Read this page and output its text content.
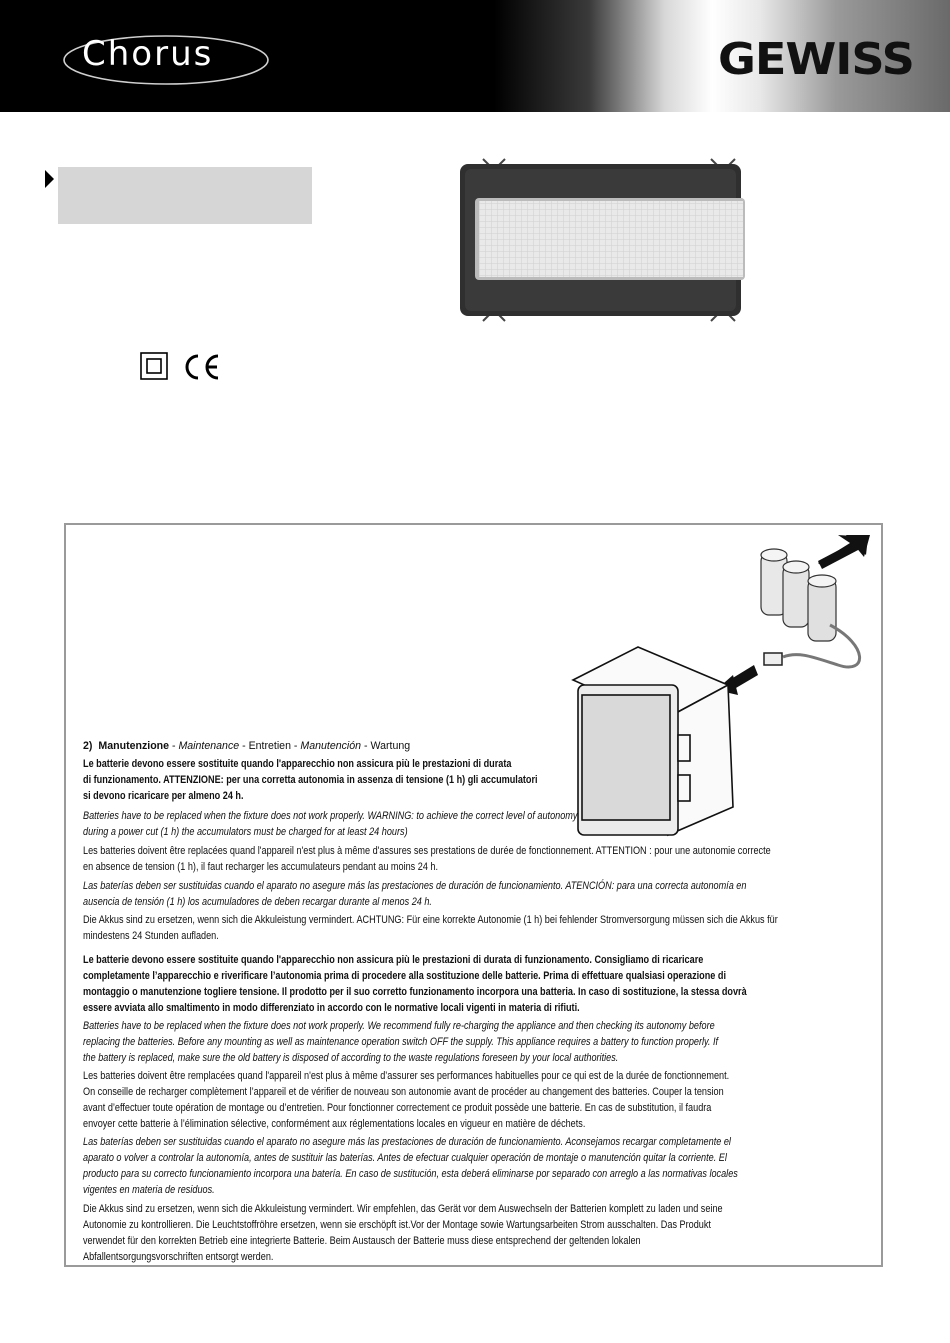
Chorus	GEWISS
2) Manutenzione - Maintenance - Entretien - Manutención - Wartung
Le batterie devono essere sostituite quando l'apparecchio non assicura più le prestazioni di durata
di funzionamento. ATTENZIONE: per una corretta autonomia in assenza di tensione (1 h) gli accumulatori
si devono ricaricare per almeno 24 h.
Batteries have to be replaced when the fixture does not work properly. WARNING: to achieve the correct level of autonomy
during a power cut (1 h) the accumulators must be charged for at least 24 hours)
Les batteries doivent être replacées quand l'appareil n'est plus à même d'assures ses prestations de durée de fonctionnement. ATTENTION : pour une autonomie correcte
en absence de tension (1 h), il faut recharger les accumulateurs pendant au moins 24 h.
Las baterías deben ser sustituidas cuando el aparato no asegure más las prestaciones de duración de funcionamiento. ATENCIÓN: para una correcta autonomía en
ausencia de tensión (1 h) los acumuladores de deben recargar durante al menos 24 h.
Die Akkus sind zu ersetzen, wenn sich die Akkuleistung vermindert. ACHTUNG: Für eine korrekte Autonomie (1 h) bei fehlender Stromversorgung müssen sich die Akkus für
mindestens 24 Stunden aufladen.
Le batterie devono essere sostituite quando l'apparecchio non assicura più le prestazioni di durata di funzionamento. Consigliamo di ricaricare
completamente l’apparecchio e riverificare l’autonomia prima di procedere alla sostituzione delle batterie. Prima di effettuare qualsiasi operazione di
montaggio o manutenzione togliere tensione. Il prodotto per il suo corretto funzionamento incorpora una batteria. In caso di sostituzione, la stessa dovrà
essere avviata allo smaltimento in modo differenziato in accordo con le normative locali vigenti in materia di rifiuti.
Batteries have to be replaced when the fixture does not work properly. We recommend fully re-charging the appliance and then checking its autonomy before
replacing the batteries. Before any mounting as well as maintenance operation switch OFF the supply. This appliance requires a battery to function properly. If
the battery is replaced, make sure the old battery is disposed of according to the waste regulations foreseen by your local authorities.
Les batteries doivent être remplacées quand l'appareil n'est plus à même d’assurer ses performances habituelles pour ce qui est de la durée de fonctionnement.
On conseille de recharger complètement l’appareil et de vérifier de nouveau son autonomie avant de procéder au changement des batteries. Couper la tension
avant d’effectuer toute opération de montage ou d’entretien. Pour fonctionner correctement ce produit possède une batterie. En cas de substitution, il faudra
envoyer cette batterie à l’élimination sélective, conformément aux réglementations locales en vigueur en matière de déchets.
Las baterías deben ser sustituidas cuando el aparato no asegure más las prestaciones de duración de funcionamiento. Aconsejamos recargar completamente el
aparato o volver a controlar la autonomía, antes de sustituir las baterías. Antes de efectuar cualquier operación de montaje o manutención quitar la corriente. El
producto para su correcto funcionamiento incorpora una batería. En caso de sustitución, esta deberá eliminarse por separado con arreglo a las normativas locales
vigentes en materia de residuos.
Die Akkus sind zu ersetzen, wenn sich die Akkuleistung vermindert. Wir empfehlen, das Gerät vor dem Auswechseln der Batterien komplett zu laden und seine
Autonomie zu kontrollieren. Die Leuchtstoffröhre ersetzen, wenn sie erschöpft ist.Vor der Montage sowie Wartungsarbeiten Strom ausschalten. Das Produkt
verwendet für den korrekten Betrieb eine integrierte Batterie. Beim Austausch der Batterie muss diese entsprechend der geltenden lokalen
Abfallentsorgungsvorschriften entsorgt werden.
